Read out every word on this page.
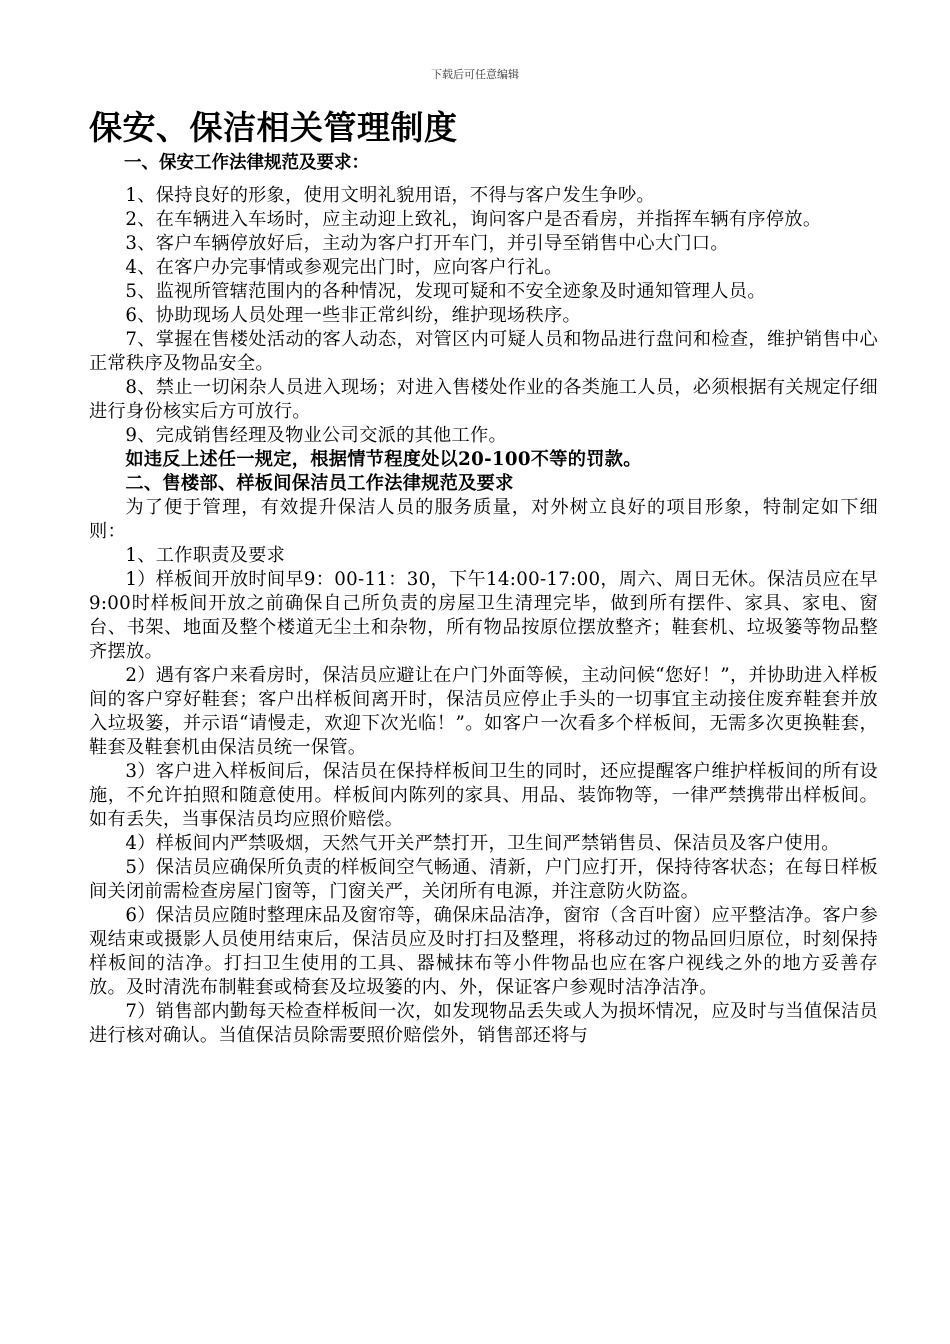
下载后可任意编辑
保安、保洁相关管理制度

一、保安工作法律规范及要求：

1、保持良好的形象，使用文明礼貌用语，不得与客户发生争吵。

2、在车辆进入车场时，应主动迎上致礼，询问客户是否看房，并指挥车辆有序停放。

3、客户车辆停放好后，主动为客户打开车门，并引导至销售中心大门口。

4、在客户办完事情或参观完出门时，应向客户行礼。

5、监视所管辖范围内的各种情况，发现可疑和不安全迹象及时通知管理人员。

6、协助现场人员处理一些非正常纠纷，维护现场秩序。

7、掌握在售楼处活动的客人动态，对管区内可疑人员和物品进行盘问和检查，维护销售中心正常秩序及物品安全。

8、禁止一切闲杂人员进入现场；对进入售楼处作业的各类施工人员，必须根据有关规定仔细进行身份核实后方可放行。

9、完成销售经理及物业公司交派的其他工作。

如违反上述任一规定，根据情节程度处以20-100不等的罚款。

二、售楼部、样板间保洁员工作法律规范及要求

为了便于管理，有效提升保洁人员的服务质量，对外树立良好的项目形象，特制定如下细则：

1、工作职责及要求

1）样板间开放时间早9：00-11：30，下午14:00-17:00，周六、周日无休。保洁员应在早9:00时样板间开放之前确保自己所负责的房屋卫生清理完毕，做到所有摆件、家具、家电、窗台、书架、地面及整个楼道无尘土和杂物，所有物品按原位摆放整齐；鞋套机、垃圾篓等物品整齐摆放。

2）遇有客户来看房时，保洁员应避让在户门外面等候，主动问候“您好！”，并协助进入样板间的客户穿好鞋套；客户出样板间离开时，保洁员应停止手头的一切事宜主动接住废弃鞋套并放入垃圾篓，并示语“请慢走，欢迎下次光临！”。如客户一次看多个样板间，无需多次更换鞋套，鞋套及鞋套机由保洁员统一保管。

3）客户进入样板间后，保洁员在保持样板间卫生的同时，还应提醒客户维护样板间的所有设施，不允许拍照和随意使用。样板间内陈列的家具、用品、装饰物等，一律严禁携带出样板间。如有丢失，当事保洁员均应照价赔偿。

4）样板间内严禁吸烟，天然气开关严禁打开，卫生间严禁销售员、保洁员及客户使用。

5）保洁员应确保所负责的样板间空气畅通、清新，户门应打开，保持待客状态；在每日样板间关闭前需检查房屋门窗等，门窗关严，关闭所有电源，并注意防火防盗。

6）保洁员应随时整理床品及窗帘等，确保床品洁净，窗帘（含百叶窗）应平整洁净。客户参观结束或摄影人员使用结束后，保洁员应及时打扫及整理，将移动过的物品回归原位，时刻保持样板间的洁净。打扫卫生使用的工具、器械抹布等小件物品也应在客户视线之外的地方妥善存放。及时清洗布制鞋套或椅套及垃圾篓的内、外，保证客户参观时洁净洁净。

7）销售部内勤每天检查样板间一次，如发现物品丢失或人为损坏情况，应及时与当值保洁员进行核对确认。当值保洁员除需要照价赔偿外，销售部还将与
